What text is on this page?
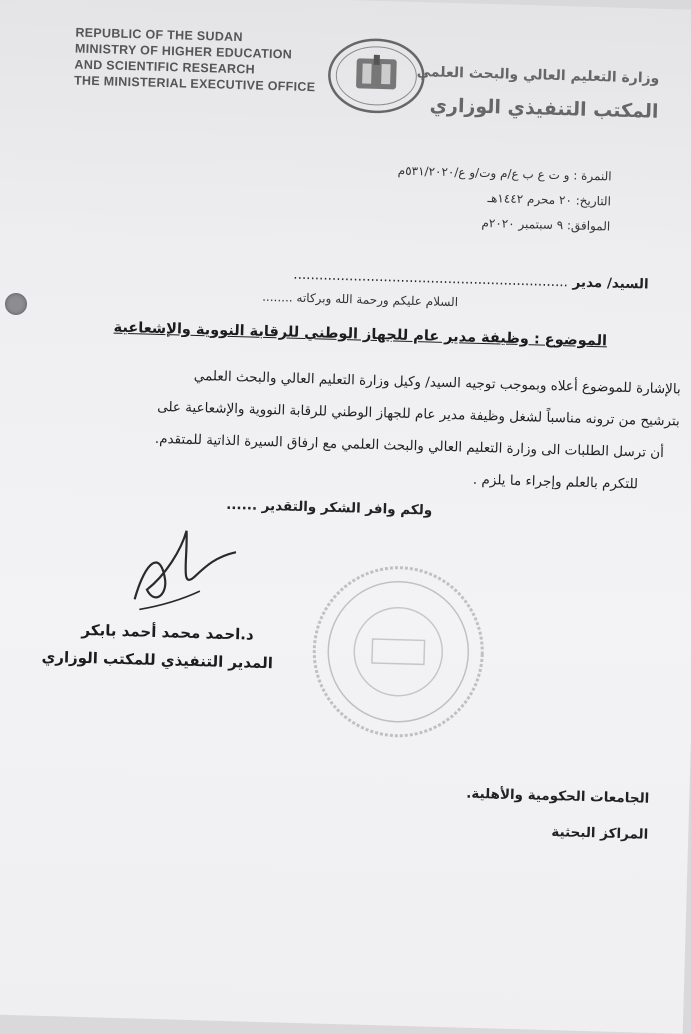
REPUBLIC OF THE SUDAN
MINISTRY OF HIGHER EDUCATION
AND SCIENTIFIC RESEARCH
THE MINISTERIAL EXECUTIVE OFFICE	وزارة التعليم العالي والبحث العلمي
المكتب التنفيذي الوزاري
النمرة : و ت ع ب ع/م وت/و ع/٥٣١/٢٠٢٠م
التاريخ: ٢٠ محرم ١٤٤٢هـ
الموافق: ٩ سبتمبر ٢٠٢٠م
السيد/ مدير ................................................................
السلام عليكم ورحمة الله وبركاته ........
الموضوع : وظيفة مدير عام للجهاز الوطني للرقابة النووية والإشعاعية
بالإشارة للموضوع أعلاه وبموجب توجيه السيد/ وكيل وزارة التعليم العالي والبحث العلمي
بترشيح من ترونه مناسباً لشغل وظيفة مدير عام للجهاز الوطني للرقابة النووية والإشعاعية على
أن ترسل الطلبات الى وزارة التعليم العالي والبحث العلمي مع ارفاق السيرة الذاتية للمتقدم.
للتكرم بالعلم وإجراء ما يلزم .
ولكم وافر الشكر والتقدير ......
د.احمد محمد أحمد بابكر
المدير التنفيذي للمكتب الوزاري
الجامعات الحكومية والأهلية.
المراكز البحثية
